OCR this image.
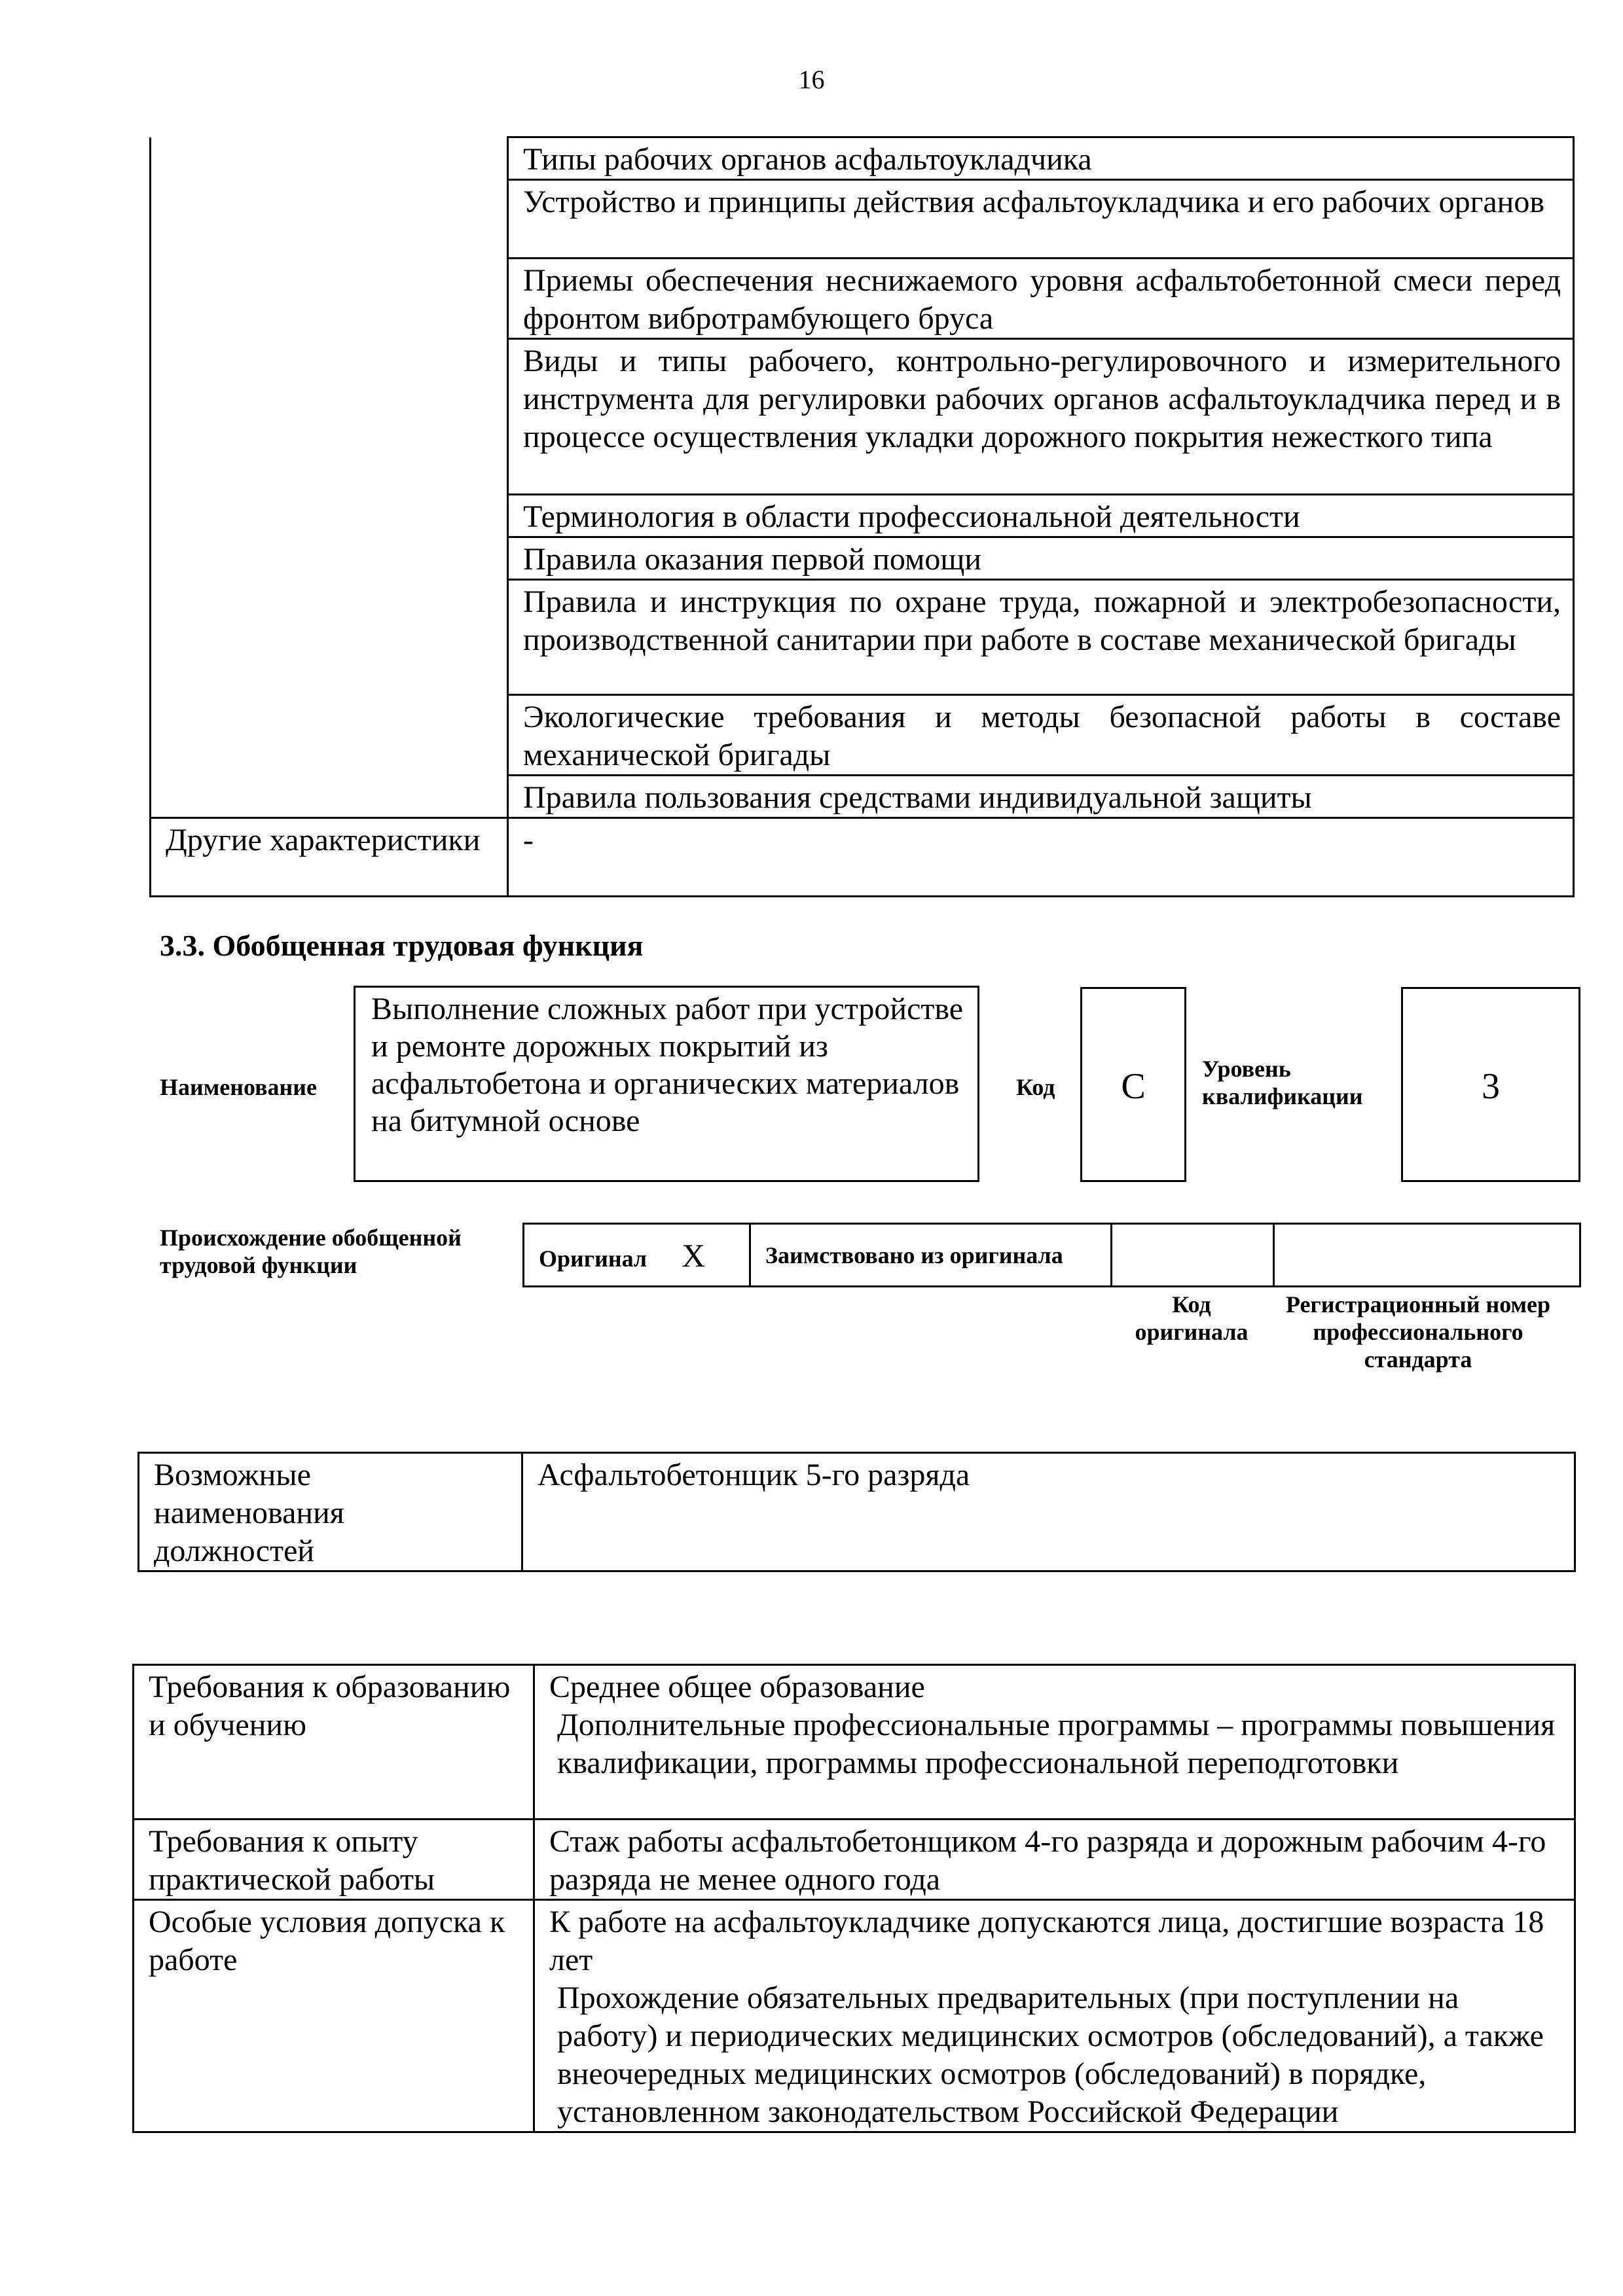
16
	Типы рабочих органов асфальтоукладчика
	Устройство и принципы действия асфальтоукладчика и его рабочих органов
	Приемы обеспечения неснижаемого уровня асфальтобетонной смеси перед фронтом вибротрамбующего бруса
	Виды и типы рабочего, контрольно-регулировочного и измерительного инструмента для регулировки рабочих органов асфальтоукладчика перед и в процессе осуществления укладки дорожного покрытия нежесткого типа
	Терминология в области профессиональной деятельности
	Правила оказания первой помощи
	Правила и инструкция по охране труда, пожарной и электробезопасности, производственной санитарии при работе в составе механической бригады
	Экологические требования и методы безопасной работы в составе механической бригады
	Правила пользования средствами индивидуальной защиты
Другие характеристики	-
3.3. Обобщенная трудовая функция
Наименование
Выполнение сложных работ при устройстве и ремонте дорожных покрытий из асфальтобетона и органических материалов на битумной основе
Код	C	Уровень квалификации	3
Происхождение обобщенной трудовой функции	Оригинал X	Заимствовано из оригинала		
Код оригинала
Регистрационный номер профессионального стандарта
Возможные наименования должностей	Асфальтобетонщик 5-го разряда
Требования к образованию и обучению	Среднее общее образование
Дополнительные профессиональные программы – программы повышения квалификации, программы профессиональной переподготовки

Требования к опыту практической работы	Стаж работы асфальтобетонщиком 4-го разряда и дорожным рабочим 4-го разряда не менее одного года

Особые условия допуска к работе	К работе на асфальтоукладчике допускаются лица, достигшие возраста 18 лет
Прохождение обязательных предварительных (при поступлении на работу) и периодических медицинских осмотров (обследований), а также внеочередных медицинских осмотров (обследований) в порядке, установленном законодательством Российской Федерации
